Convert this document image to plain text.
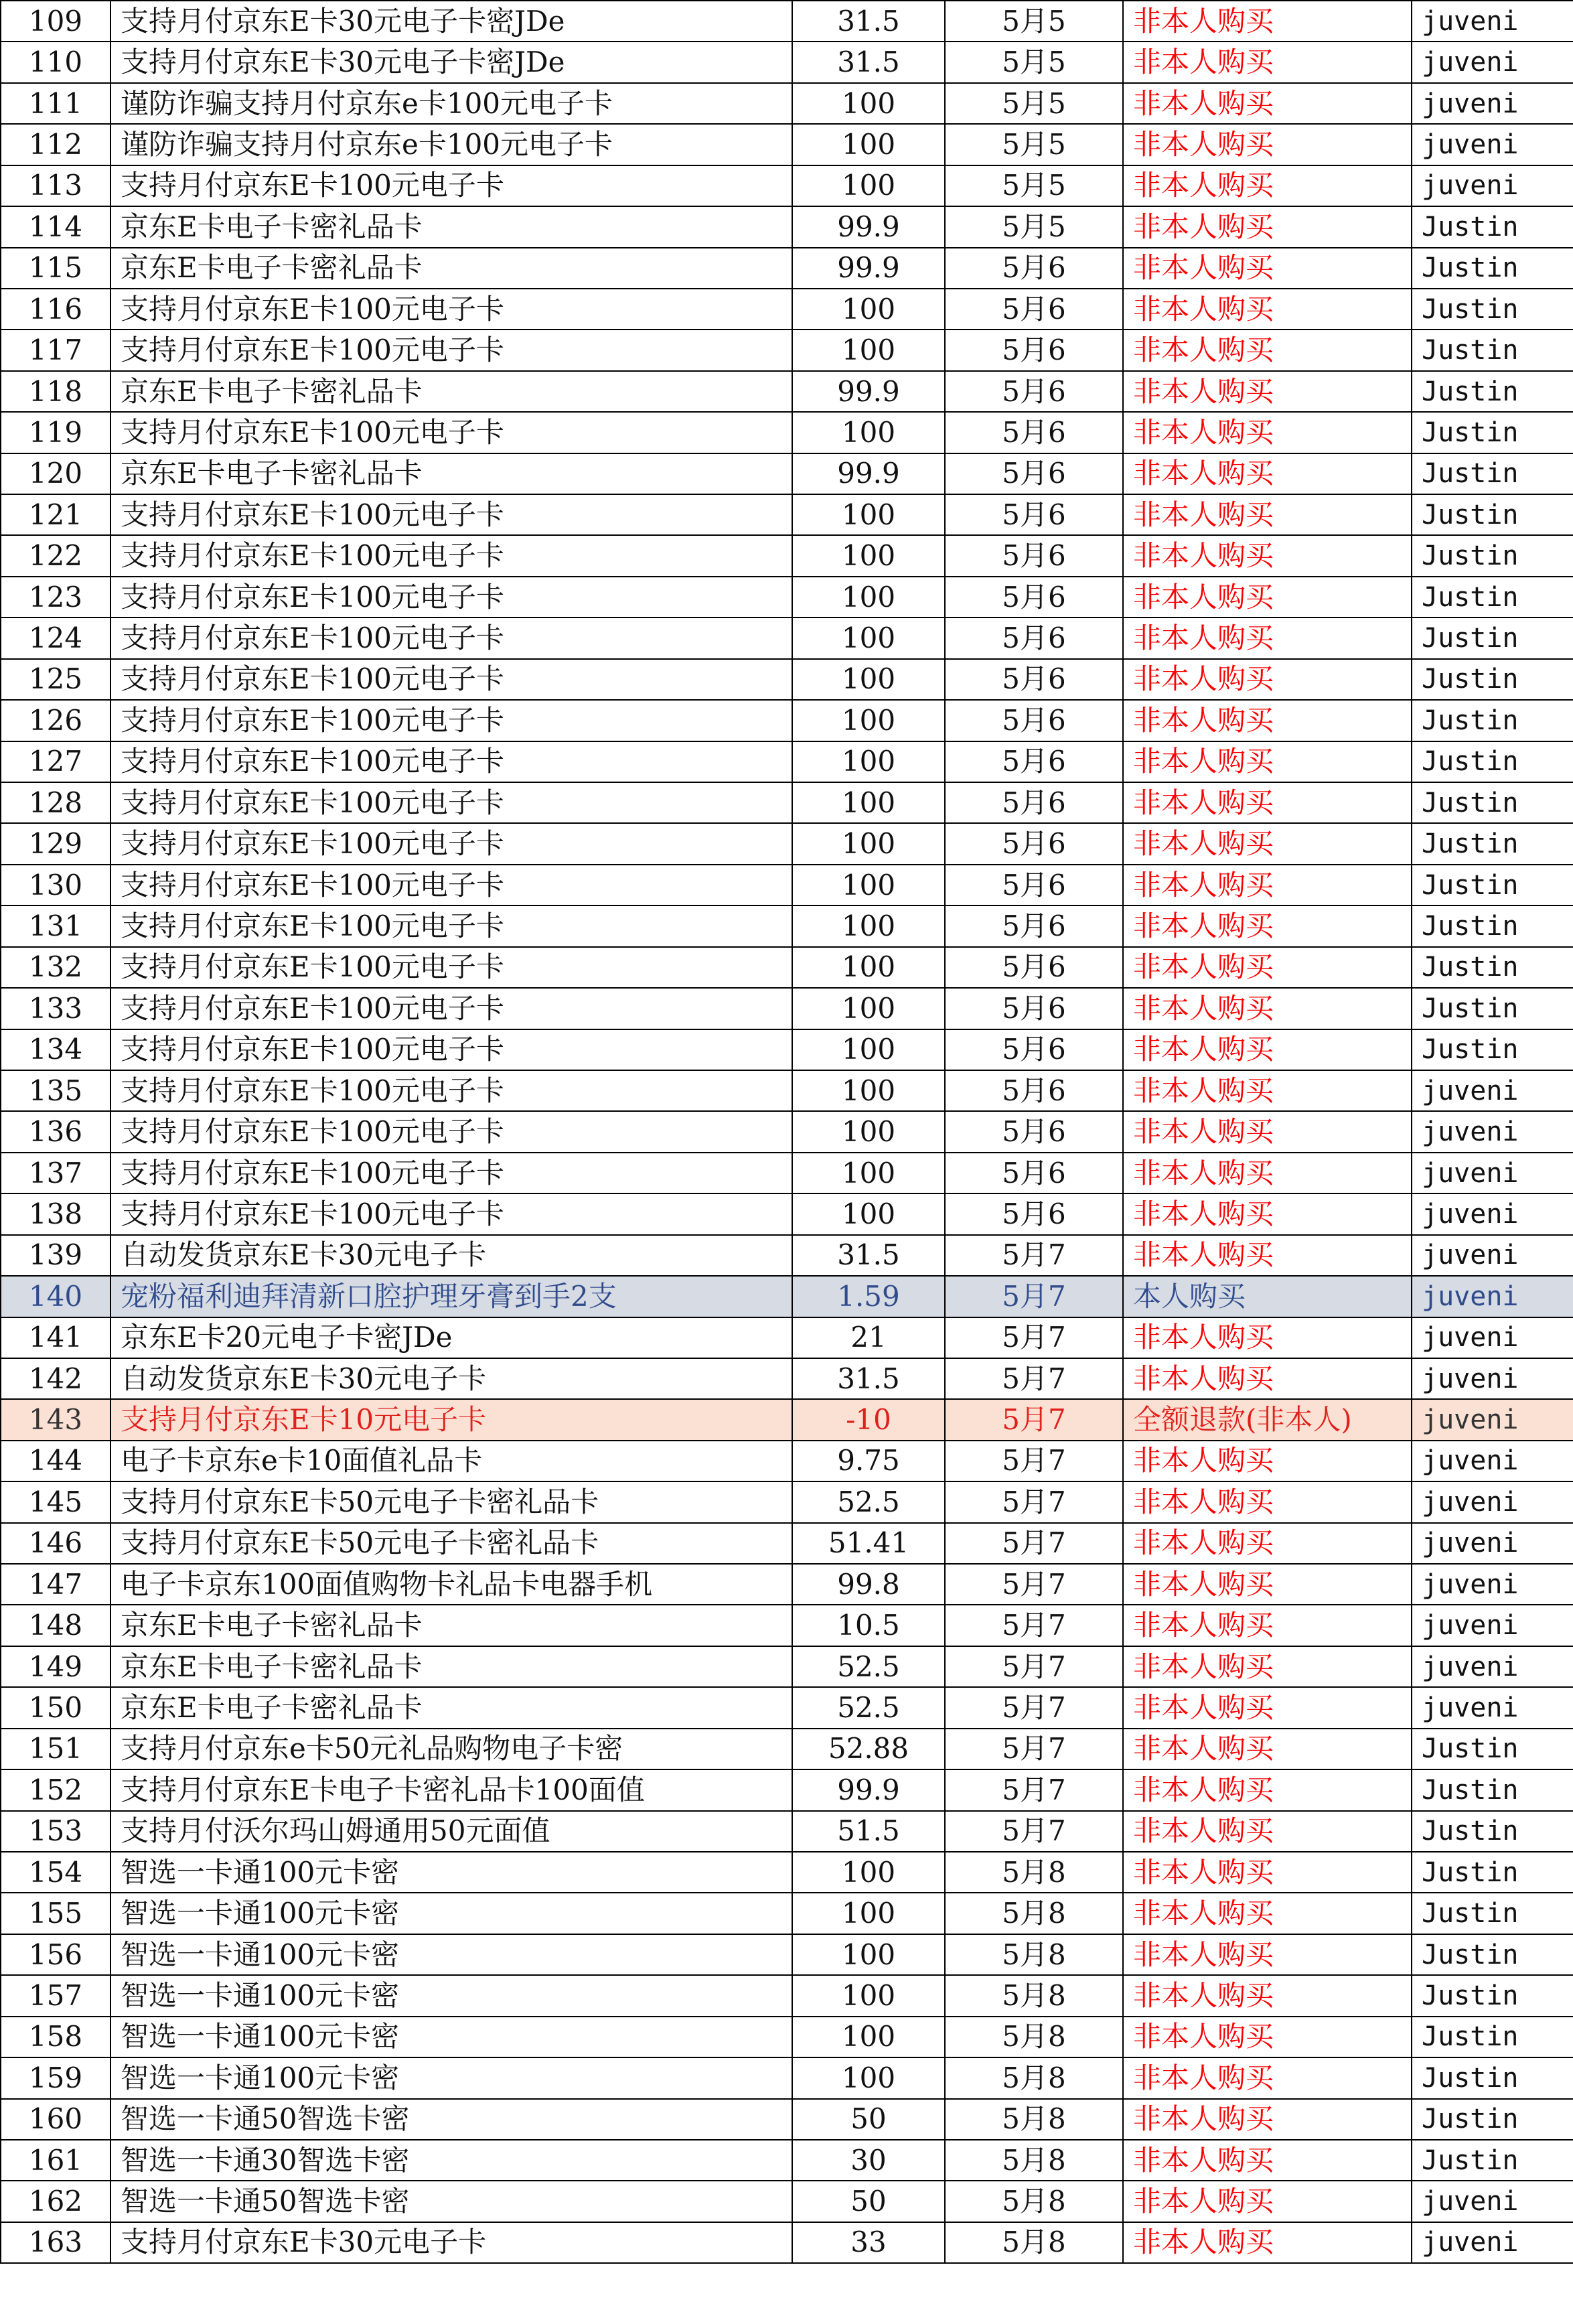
109	支持月付京东E卡30元电子卡密JDe	31.5	5月5	非本人购买	juveni
110	支持月付京东E卡30元电子卡密JDe	31.5	5月5	非本人购买	juveni
111	谨防诈骗支持月付京东e卡100元电子卡	100	5月5	非本人购买	juveni
112	谨防诈骗支持月付京东e卡100元电子卡	100	5月5	非本人购买	juveni
113	支持月付京东E卡100元电子卡	100	5月5	非本人购买	juveni
114	京东E卡电子卡密礼品卡	99.9	5月5	非本人购买	Justin
115	京东E卡电子卡密礼品卡	99.9	5月6	非本人购买	Justin
116	支持月付京东E卡100元电子卡	100	5月6	非本人购买	Justin
117	支持月付京东E卡100元电子卡	100	5月6	非本人购买	Justin
118	京东E卡电子卡密礼品卡	99.9	5月6	非本人购买	Justin
119	支持月付京东E卡100元电子卡	100	5月6	非本人购买	Justin
120	京东E卡电子卡密礼品卡	99.9	5月6	非本人购买	Justin
121	支持月付京东E卡100元电子卡	100	5月6	非本人购买	Justin
122	支持月付京东E卡100元电子卡	100	5月6	非本人购买	Justin
123	支持月付京东E卡100元电子卡	100	5月6	非本人购买	Justin
124	支持月付京东E卡100元电子卡	100	5月6	非本人购买	Justin
125	支持月付京东E卡100元电子卡	100	5月6	非本人购买	Justin
126	支持月付京东E卡100元电子卡	100	5月6	非本人购买	Justin
127	支持月付京东E卡100元电子卡	100	5月6	非本人购买	Justin
128	支持月付京东E卡100元电子卡	100	5月6	非本人购买	Justin
129	支持月付京东E卡100元电子卡	100	5月6	非本人购买	Justin
130	支持月付京东E卡100元电子卡	100	5月6	非本人购买	Justin
131	支持月付京东E卡100元电子卡	100	5月6	非本人购买	Justin
132	支持月付京东E卡100元电子卡	100	5月6	非本人购买	Justin
133	支持月付京东E卡100元电子卡	100	5月6	非本人购买	Justin
134	支持月付京东E卡100元电子卡	100	5月6	非本人购买	Justin
135	支持月付京东E卡100元电子卡	100	5月6	非本人购买	juveni
136	支持月付京东E卡100元电子卡	100	5月6	非本人购买	juveni
137	支持月付京东E卡100元电子卡	100	5月6	非本人购买	juveni
138	支持月付京东E卡100元电子卡	100	5月6	非本人购买	juveni
139	自动发货京东E卡30元电子卡	31.5	5月7	非本人购买	juveni
140	宠粉福利迪拜清新口腔护理牙膏到手2支	1.59	5月7	本人购买	juveni
141	京东E卡20元电子卡密JDe	21	5月7	非本人购买	juveni
142	自动发货京东E卡30元电子卡	31.5	5月7	非本人购买	juveni
143	支持月付京东E卡10元电子卡	-10	5月7	全额退款(非本人)	juveni
144	电子卡京东e卡10面值礼品卡	9.75	5月7	非本人购买	juveni
145	支持月付京东E卡50元电子卡密礼品卡	52.5	5月7	非本人购买	juveni
146	支持月付京东E卡50元电子卡密礼品卡	51.41	5月7	非本人购买	juveni
147	电子卡京东100面值购物卡礼品卡电器手机	99.8	5月7	非本人购买	juveni
148	京东E卡电子卡密礼品卡	10.5	5月7	非本人购买	juveni
149	京东E卡电子卡密礼品卡	52.5	5月7	非本人购买	juveni
150	京东E卡电子卡密礼品卡	52.5	5月7	非本人购买	juveni
151	支持月付京东e卡50元礼品购物电子卡密	52.88	5月7	非本人购买	Justin
152	支持月付京东E卡电子卡密礼品卡100面值	99.9	5月7	非本人购买	Justin
153	支持月付沃尔玛山姆通用50元面值	51.5	5月7	非本人购买	Justin
154	智选一卡通100元卡密	100	5月8	非本人购买	Justin
155	智选一卡通100元卡密	100	5月8	非本人购买	Justin
156	智选一卡通100元卡密	100	5月8	非本人购买	Justin
157	智选一卡通100元卡密	100	5月8	非本人购买	Justin
158	智选一卡通100元卡密	100	5月8	非本人购买	Justin
159	智选一卡通100元卡密	100	5月8	非本人购买	Justin
160	智选一卡通50智选卡密	50	5月8	非本人购买	Justin
161	智选一卡通30智选卡密	30	5月8	非本人购买	Justin
162	智选一卡通50智选卡密	50	5月8	非本人购买	juveni
163	支持月付京东E卡30元电子卡	33	5月8	非本人购买	juveni
